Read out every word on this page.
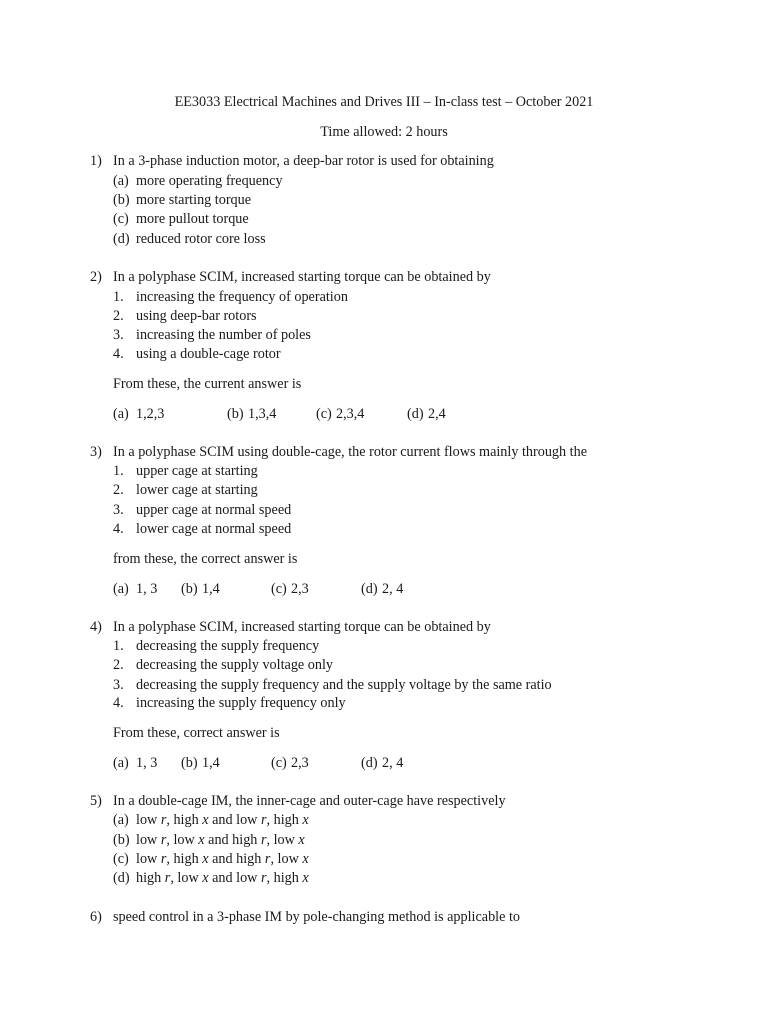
EE3033 Electrical Machines and Drives III – In-class test – October 2021
Time allowed: 2 hours
1) In a 3-phase induction motor, a deep-bar rotor is used for obtaining
(a) more operating frequency
(b) more starting torque
(c) more pullout torque
(d) reduced rotor core loss
2) In a polyphase SCIM, increased starting torque can be obtained by
1. increasing the frequency of operation
2. using deep-bar rotors
3. increasing the number of poles
4. using a double-cage rotor
From these, the current answer is
(a) 1,2,3	(b) 1,3,4	(c) 2,3,4	(d) 2,4
3) In a polyphase SCIM using double-cage, the rotor current flows mainly through the
1. upper cage at starting
2. lower cage at starting
3. upper cage at normal speed
4. lower cage at normal speed
from these, the correct answer is
(a) 1, 3 (b) 1,4	(c) 2,3	(d) 2, 4
4) In a polyphase SCIM, increased starting torque can be obtained by
1. decreasing the supply frequency
2. decreasing the supply voltage only
3. decreasing the supply frequency and the supply voltage by the same ratio
4. increasing the supply frequency only
From these, correct answer is
(a) 1, 3 (b) 1,4	(c) 2,3	(d) 2, 4
5) In a double-cage IM, the inner-cage and outer-cage have respectively
(a) low r, high x and low r, high x
(b) low r, low x and high r, low x
(c) low r, high x and high r, low x
(d) high r, low x and low r, high x
6) speed control in a 3-phase IM by pole-changing method is applicable to
